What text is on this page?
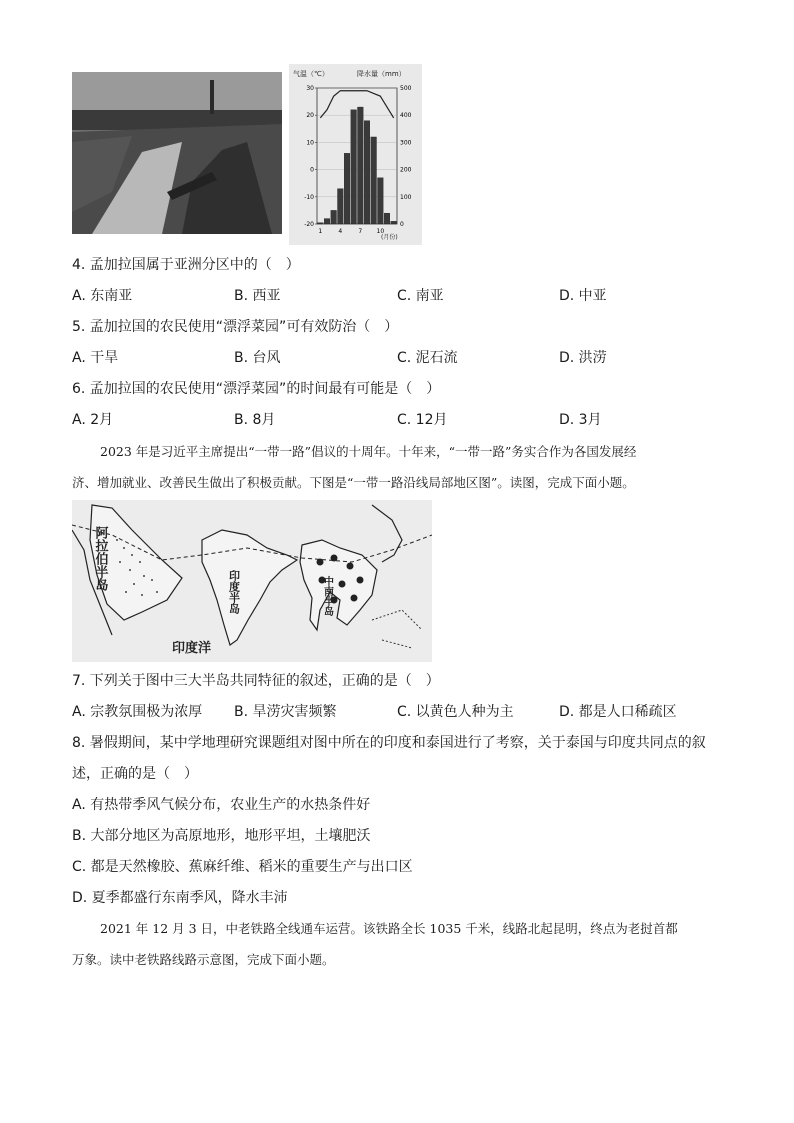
气温（℃）	降水量（mm）
30
20
10
0
-10
-20
500
400
300
200
100
0
1	4	7 10
(月份)
4. 孟加拉国属于亚洲分区中的（　）
A. 东南亚	B. 西亚	C. 南亚	D. 中亚
5. 孟加拉国的农民使用“漂浮菜园”可有效防治（　）
A. 干旱	B. 台风	C. 泥石流	D. 洪涝
6. 孟加拉国的农民使用“漂浮菜园”的时间最有可能是（　）
A. 2月	B. 8月	C. 12月	D. 3月
2023 年是习近平主席提出“一带一路”倡议的十周年。十年来，“一带一路”务实合作为各国发展经
济、增加就业、改善民生做出了积极贡献。下图是“一带一路沿线局部地区图”。读图，完成下面小题。
阿拉伯半岛
印度半岛	中南半岛
印度洋
7. 下列关于图中三大半岛共同特征的叙述，正确的是（　）
A. 宗教氛围极为浓厚 B. 旱涝灾害频繁	C. 以黄色人种为主	D. 都是人口稀疏区
8. 暑假期间，某中学地理研究课题组对图中所在的印度和泰国进行了考察，关于泰国与印度共同点的叙
述，正确的是（　）
A. 有热带季风气候分布，农业生产的水热条件好
B. 大部分地区为高原地形，地形平坦，土壤肥沃
C. 都是天然橡胶、蕉麻纤维、稻米的重要生产与出口区
D. 夏季都盛行东南季风，降水丰沛
2021 年 12 月 3 日，中老铁路全线通车运营。该铁路全长 1035 千米，线路北起昆明，终点为老挝首都
万象。读中老铁路线路示意图，完成下面小题。
